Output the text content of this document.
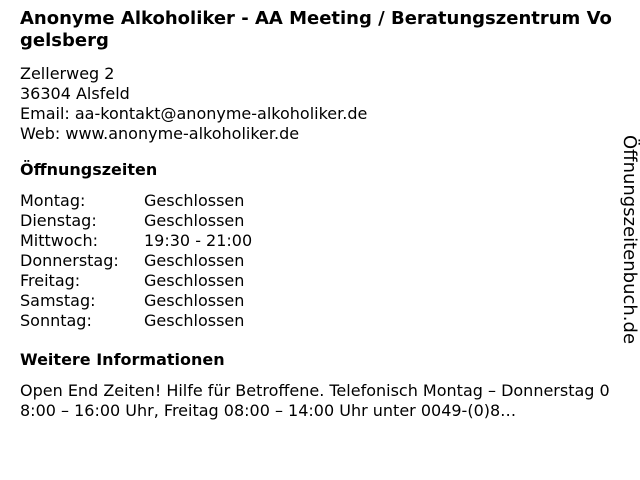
Anonyme Alkoholiker - AA Meeting / Beratungszentrum Vogelsberg
Zellerweg 2
36304 Alsfeld
Email: aa-kontakt@anonyme-alkoholiker.de
Web: www.anonyme-alkoholiker.de
Öffnungszeiten
Montag:	Geschlossen
Dienstag:	Geschlossen
Mittwoch:	19:30 - 21:00
Donnerstag:	Geschlossen
Freitag:	Geschlossen
Samstag:	Geschlossen
Sonntag:	Geschlossen
Weitere Informationen
Open End Zeiten! Hilfe für Betroffene. Telefonisch Montag – Donnerstag 08:00 – 16:00 Uhr, Freitag 08:00 – 14:00 Uhr unter 0049-(0)8…
Öffnungszeitenbuch.de
